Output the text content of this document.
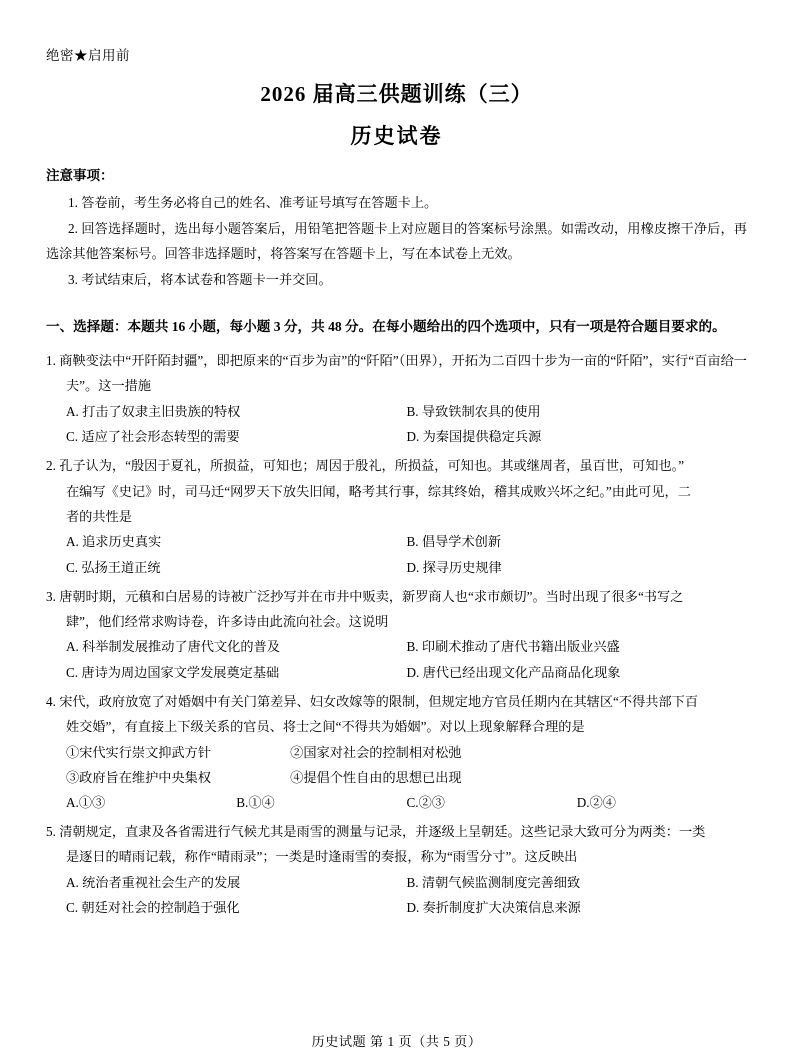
绝密★启用前
2026 届高三供题训练（三）
历史试卷
注意事项：

1. 答卷前，考生务必将自己的姓名、准考证号填写在答题卡上。

2. 回答选择题时，选出每小题答案后，用铅笔把答题卡上对应题目的答案标号涂黑。如需改动，用橡皮擦干净后，再选涂其他答案标号。回答非选择题时，将答案写在答题卡上，写在本试卷上无效。

3. 考试结束后，将本试卷和答题卡一并交回。

一、选择题：本题共 16 小题，每小题 3 分，共 48 分。在每小题给出的四个选项中，只有一项是符合题目要求的。

1. 商鞅变法中“开阡陌封疆”，即把原来的“百步为亩”的“阡陌”（田界），开拓为二百四十步为一亩的“阡陌”，实行“百亩给一夫”。这一措施

A. 打击了奴隶主旧贵族的特权	B. 导致铁制农具的使用
C. 适应了社会形态转型的需要	D. 为秦国提供稳定兵源

2. 孔子认为，“殷因于夏礼，所损益，可知也；周因于殷礼，所损益，可知也。其或继周者，虽百世，可知也。”

在编写《史记》时，司马迁“网罗天下放失旧闻，略考其行事，综其终始，稽其成败兴坏之纪。”由此可见，二

者的共性是

A. 追求历史真实	B. 倡导学术创新
C. 弘扬王道正统	D. 探寻历史规律

3. 唐朝时期，元稹和白居易的诗被广泛抄写并在市井中贩卖，新罗商人也“求市颇切”。当时出现了很多“书写之

肆”，他们经常求购诗卷，许多诗由此流向社会。这说明

A. 科举制发展推动了唐代文化的普及	B. 印刷术推动了唐代书籍出版业兴盛
C. 唐诗为周边国家文学发展奠定基础	D. 唐代已经出现文化产品商品化现象

4. 宋代，政府放宽了对婚姻中有关门第差异、妇女改嫁等的限制，但规定地方官员任期内在其辖区“不得共部下百

姓交婚”，有直接上下级关系的官员、将士之间“不得共为婚姻”。对以上现象解释合理的是

①宋代实行崇文抑武方针　　　　　　②国家对社会的控制相对松弛

③政府旨在维护中央集权　　　　　　④提倡个性自由的思想已出现

A.①③	B.①④	C.②③	D.②④

5. 清朝规定，直隶及各省需进行气候尤其是雨雪的测量与记录，并逐级上呈朝廷。这些记录大致可分为两类：一类

是逐日的晴雨记载，称作“晴雨录”；一类是时逢雨雪的奏报，称为“雨雪分寸”。这反映出

A. 统治者重视社会生产的发展	B. 清朝气候监测制度完善细致
C. 朝廷对社会的控制趋于强化	D. 奏折制度扩大决策信息来源
历史试题 第 1 页（共 5 页）
